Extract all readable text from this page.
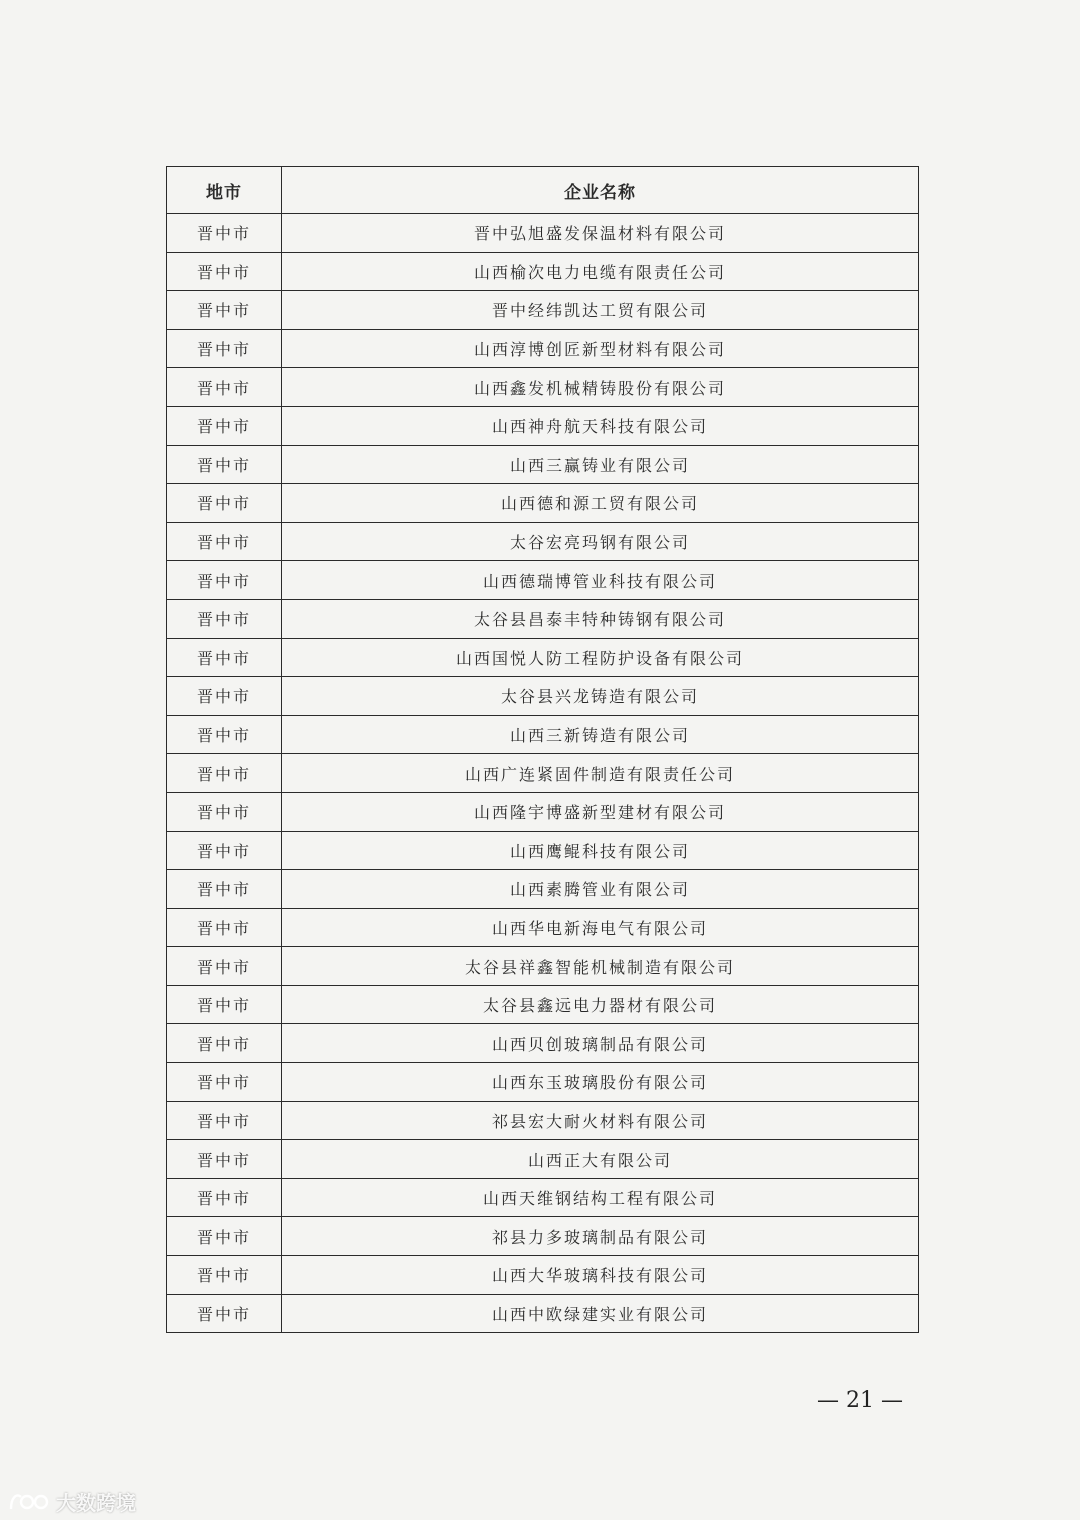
地市	企业名称
晋中市	晋中弘旭盛发保温材料有限公司
晋中市	山西榆次电力电缆有限责任公司
晋中市	晋中经纬凯达工贸有限公司
晋中市	山西淳博创匠新型材料有限公司
晋中市	山西鑫发机械精铸股份有限公司
晋中市	山西神舟航天科技有限公司
晋中市	山西三赢铸业有限公司
晋中市	山西德和源工贸有限公司
晋中市	太谷宏亮玛钢有限公司
晋中市	山西德瑞博管业科技有限公司
晋中市	太谷县昌泰丰特种铸钢有限公司
晋中市	山西国悦人防工程防护设备有限公司
晋中市	太谷县兴龙铸造有限公司
晋中市	山西三新铸造有限公司
晋中市	山西广连紧固件制造有限责任公司
晋中市	山西隆宇博盛新型建材有限公司
晋中市	山西鹰鲲科技有限公司
晋中市	山西素腾管业有限公司
晋中市	山西华电新海电气有限公司
晋中市	太谷县祥鑫智能机械制造有限公司
晋中市	太谷县鑫远电力器材有限公司
晋中市	山西贝创玻璃制品有限公司
晋中市	山西东玉玻璃股份有限公司
晋中市	祁县宏大耐火材料有限公司
晋中市	山西正大有限公司
晋中市	山西天维钢结构工程有限公司
晋中市	祁县力多玻璃制品有限公司
晋中市	山西大华玻璃科技有限公司
晋中市	山西中欧绿建实业有限公司
— 21 —
大数跨境
